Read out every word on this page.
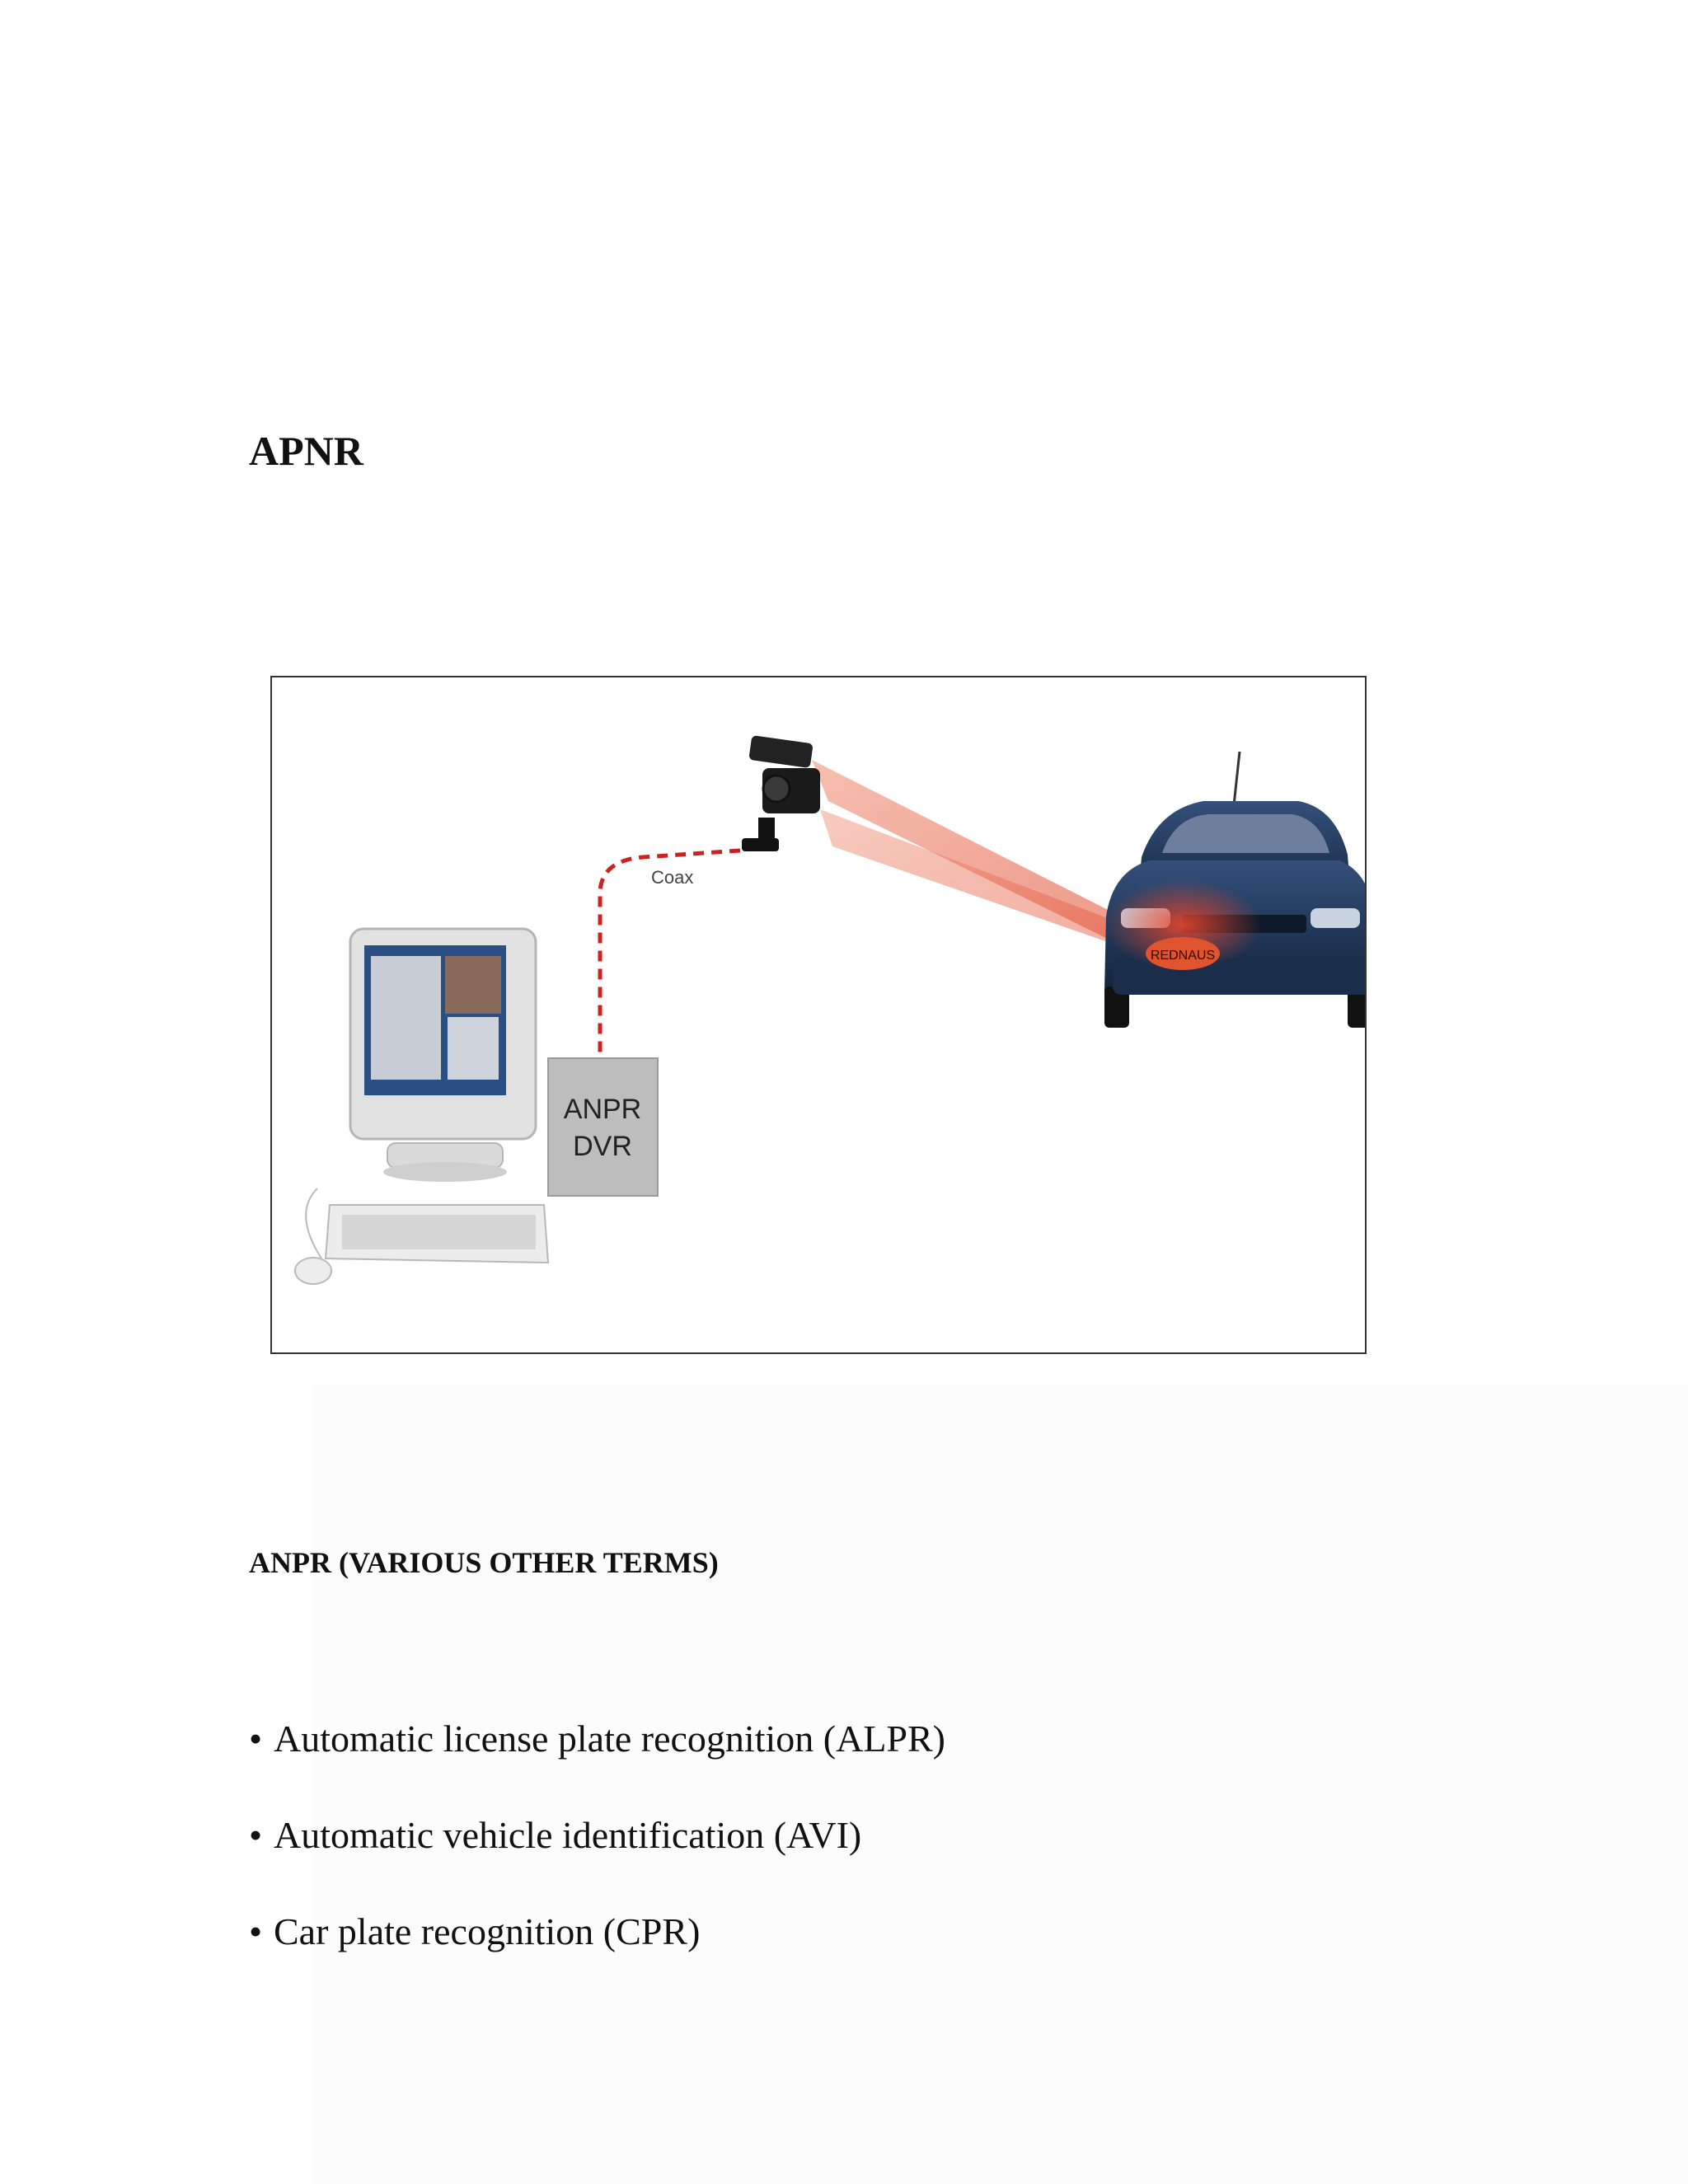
APNR
Coax
REDNAUS
ANPR
DVR
ANPR (VARIOUS OTHER TERMS)
• Automatic license plate recognition (ALPR)
• Automatic vehicle identification (AVI)
• Car plate recognition (CPR)
